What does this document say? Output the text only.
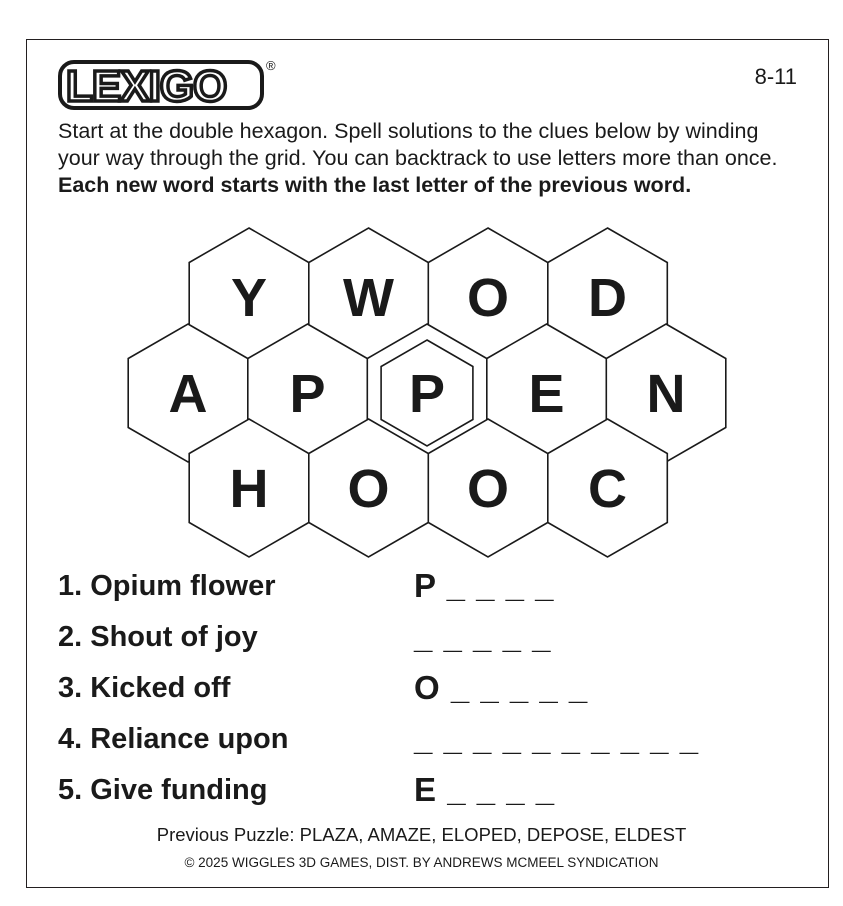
LEXIGO	®	8-11
Start at the double hexagon. Spell solutions to the clues below by winding your way through the grid. You can backtrack to use letters more than once. Each new word starts with the last letter of the previous word.
Y W O D
A P P E N
H O O C
1. Opium flower	P _ _ _ _
2. Shout of joy	_ _ _ _ _
3. Kicked off	O _ _ _ _ _
4. Reliance upon	_ _ _ _ _ _ _ _ _ _
5. Give funding	E _ _ _ _
Previous Puzzle: PLAZA, AMAZE, ELOPED, DEPOSE, ELDEST
© 2025 WIGGLES 3D GAMES, DIST. BY ANDREWS MCMEEL SYNDICATION
